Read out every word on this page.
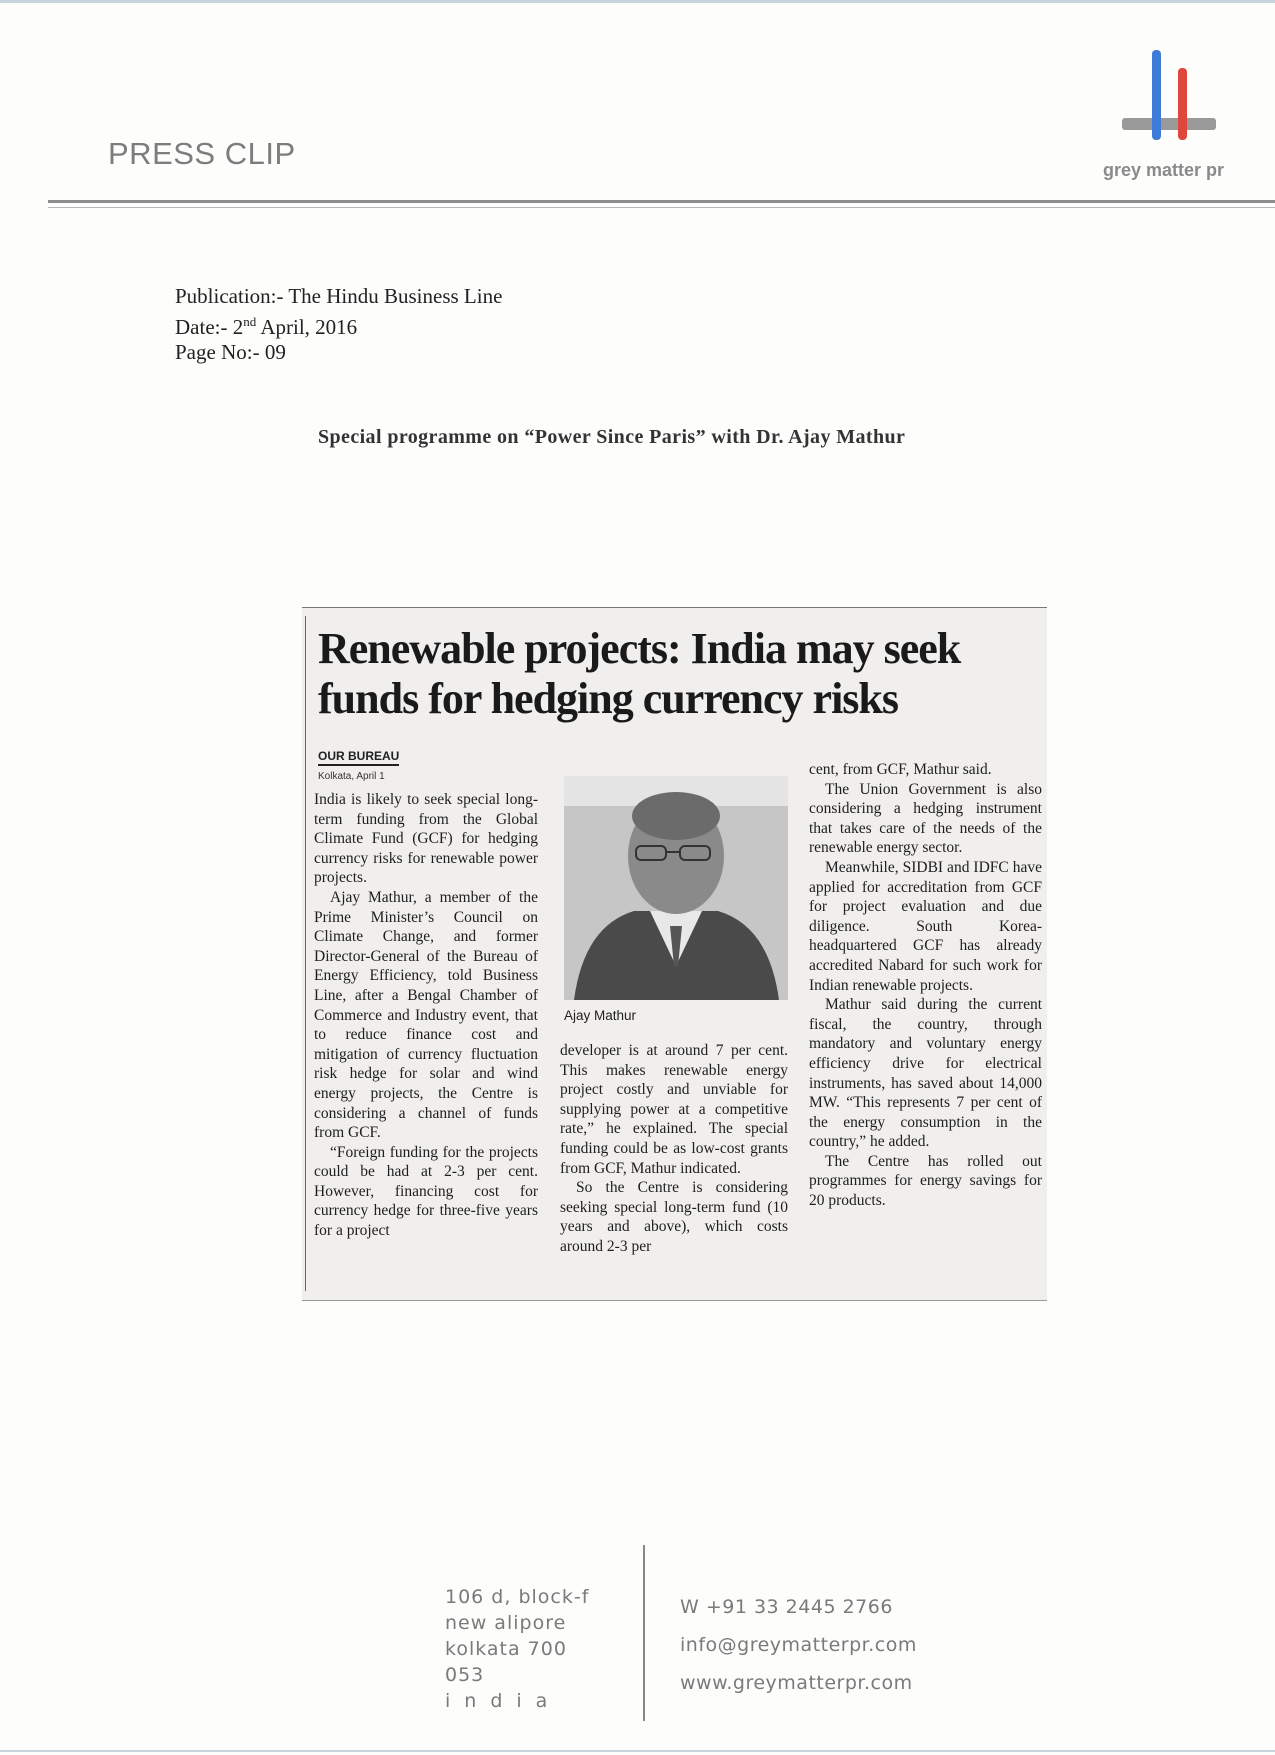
PRESS CLIP	grey matter pr
Publication:- The Hindu Business Line
Date:- 2nd April, 2016
Page No:- 09
Special programme on “Power Since Paris” with Dr. Ajay Mathur
Renewable projects: India may seek funds for hedging currency risks
OUR BUREAU
Kolkata, April 1

India is likely to seek special long-term funding from the Global Climate Fund (GCF) for hedging currency risks for renewable power projects.

Ajay Mathur, a member of the Prime Minister’s Council on Climate Change, and former Director-General of the Bureau of Energy Efficiency, told Business Line, after a Bengal Chamber of Commerce and Industry event, that to reduce finance cost and mitigation of currency fluctuation risk hedge for solar and wind energy projects, the Centre is considering a channel of funds from GCF.

“Foreign funding for the projects could be had at 2-3 per cent. However, financing cost for currency hedge for three-five years for a project

Ajay Mathur

developer is at around 7 per cent. This makes renewable energy project costly and unviable for supplying power at a competitive rate,” he explained. The special funding could be as low-cost grants from GCF, Mathur indicated.

So the Centre is considering seeking special long-term fund (10 years and above), which costs around 2-3 per

cent, from GCF, Mathur said.

The Union Government is also considering a hedging instrument that takes care of the needs of the renewable energy sector.

Meanwhile, SIDBI and IDFC have applied for accreditation from GCF for project evaluation and due diligence. South Korea-headquartered GCF has already accredited Nabard for such work for Indian renewable projects.

Mathur said during the current fiscal, the country, through mandatory and voluntary energy efficiency drive for electrical instruments, has saved about 14,000 MW. “This represents 7 per cent of the energy consumption in the country,” he added.

The Centre has rolled out programmes for energy savings for 20 products.

106 d, block-f
new alipore
kolkata 700 053
india
W +91 33 2445 2766
info@greymatterpr.com
www.greymatterpr.com
